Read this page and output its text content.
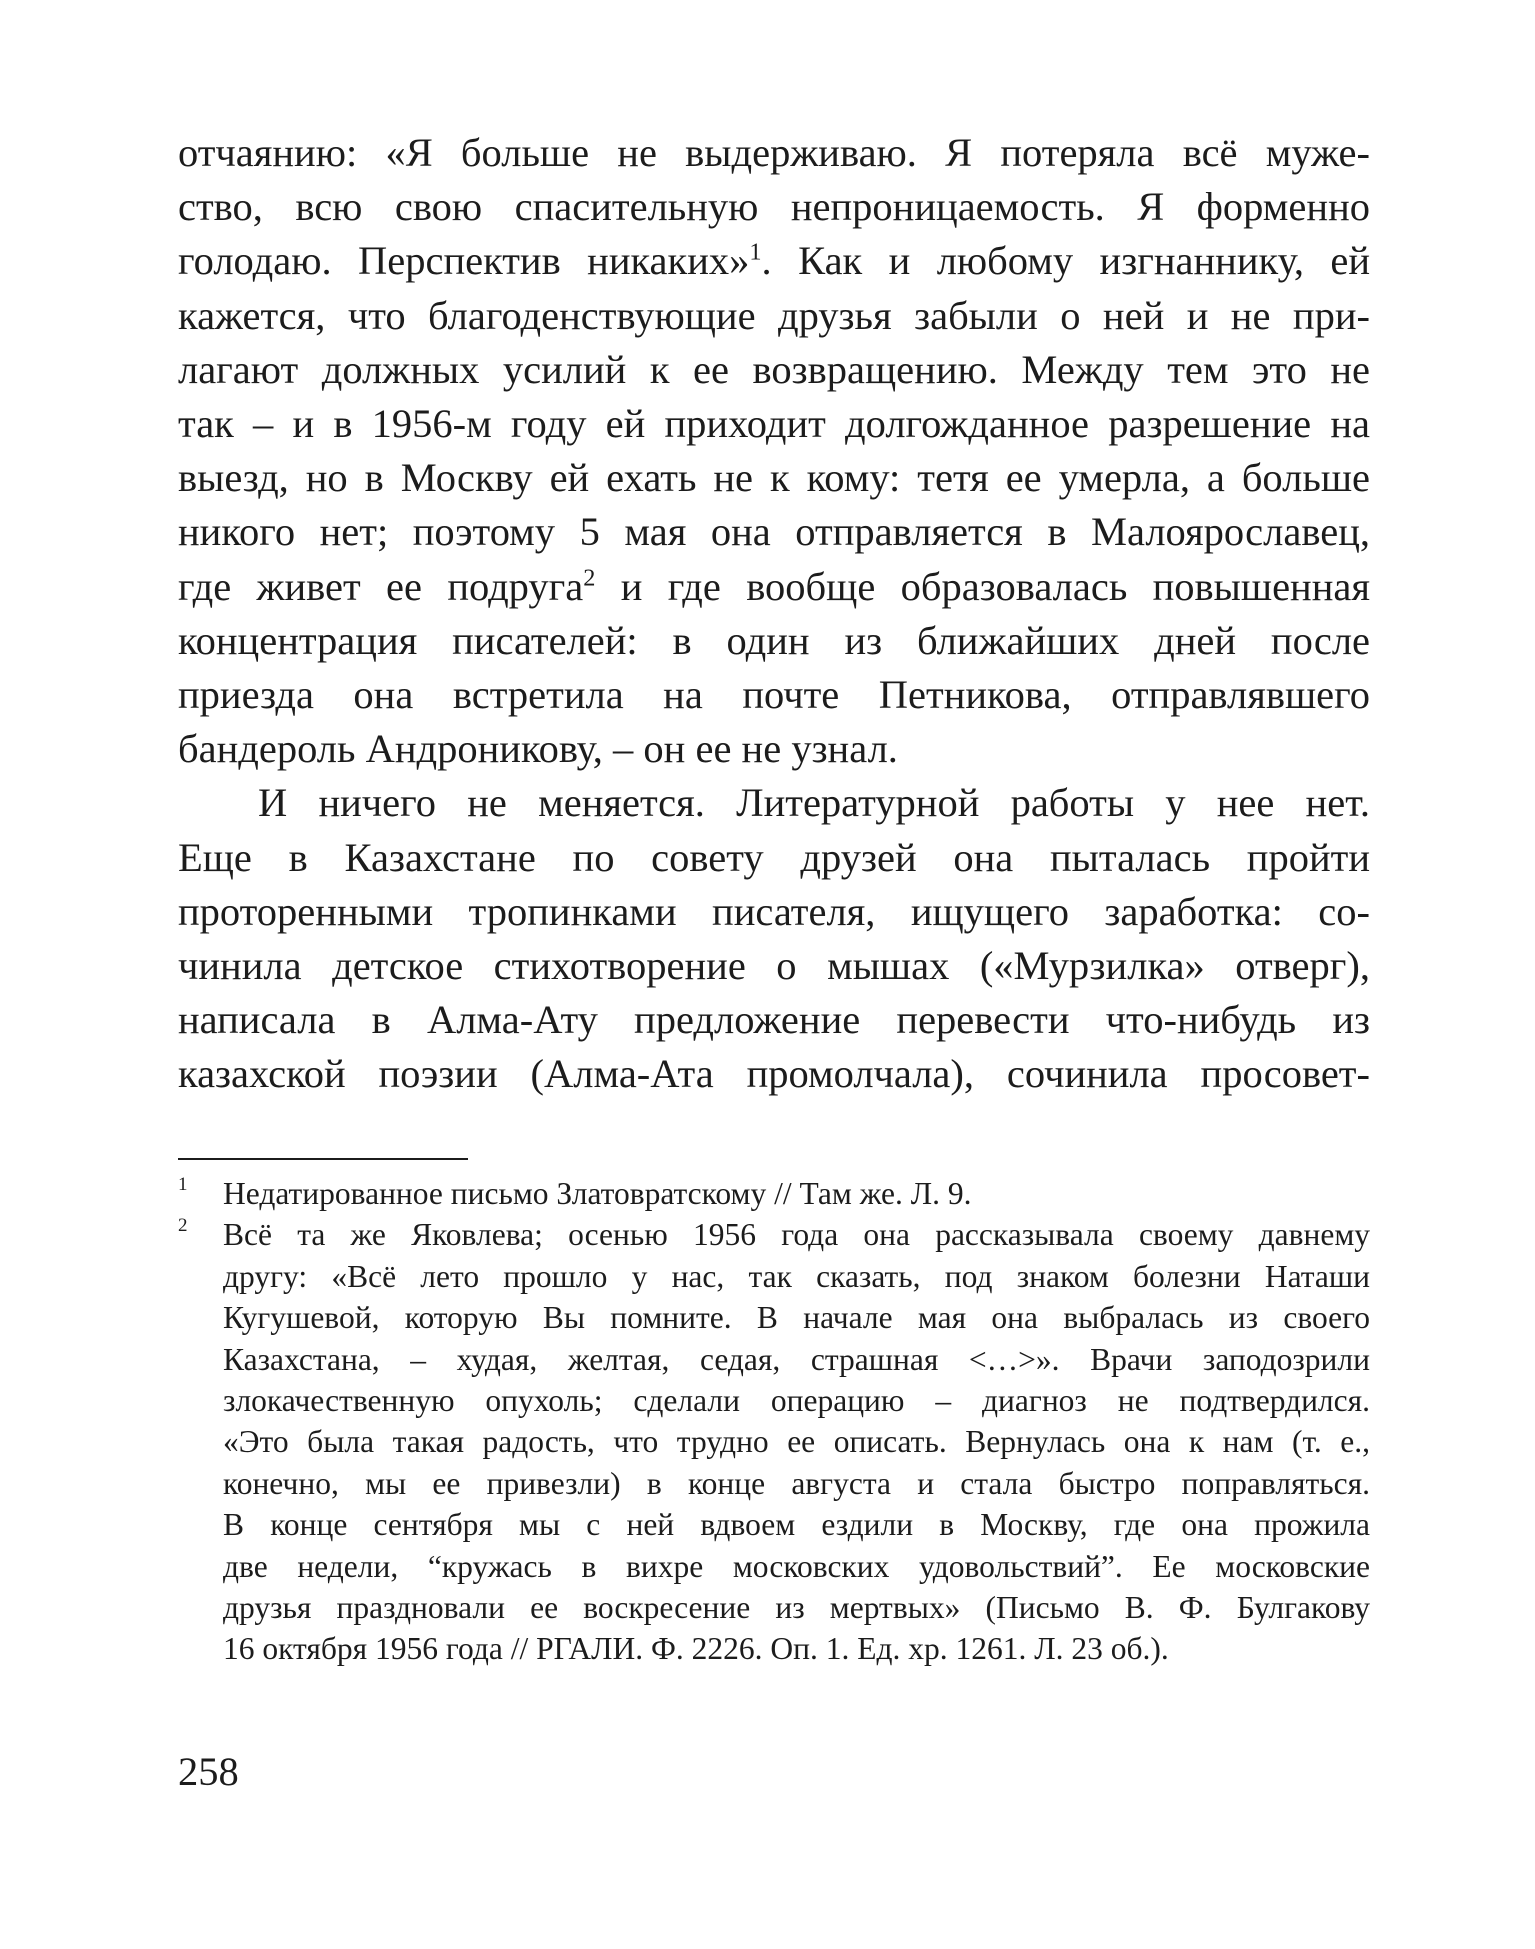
отчаянию: «Я больше не выдерживаю. Я потеряла всё муже-

ство, всю свою спасительную непроницаемость. Я форменно

голодаю. Перспектив никаких»$^1$. Как и любому изгнаннику, ей

кажется, что благоденствующие друзья забыли о ней и не при-

лагают должных усилий к ее возвращению. Между тем это не

так – и в 1956-м году ей приходит долгожданное разрешение на

выезд, но в Москву ей ехать не к кому: тетя ее умерла, а больше

никого нет; поэтому 5 мая она отправляется в Малоярославец,

где живет ее подруга$^2$ и где вообще образовалась повышенная

концентрация писателей: в один из ближайших дней после

приезда она встретила на почте Петникова, отправлявшего

бандероль Андроникову, – он ее не узнал.

И ничего не меняется. Литературной работы у нее нет.

Еще в Казахстане по совету друзей она пыталась пройти

проторенными тропинками писателя, ищущего заработка: со-

чинила детское стихотворение о мышах («Мурзилка» отверг),

написала в Алма-Ату предложение перевести что-нибудь из

казахской поэзии (Алма-Ата промолчала), сочинила просовет-

1 Недатированное письмо Златовратскому // Там же. Л. 9.

2 Всё та же Яковлева; осенью 1956 года она рассказывала своему давнему

другу: «Всё лето прошло у нас, так сказать, под знаком болезни Наташи

Кугушевой, которую Вы помните. В начале мая она выбралась из своего

Казахстана, – худая, желтая, седая, страшная <…>». Врачи заподозрили

злокачественную опухоль; сделали операцию – диагноз не подтвердился.

«Это была такая радость, что трудно ее описать. Вернулась она к нам (т. е.,

конечно, мы ее привезли) в конце августа и стала быстро поправляться.

В конце сентября мы с ней вдвоем ездили в Москву, где она прожила

две недели, “кружась в вихре московских удовольствий”. Ее московские

друзья праздновали ее воскресение из мертвых» (Письмо В. Ф. Булгакову

16 октября 1956 года // РГАЛИ. Ф. 2226. Оп. 1. Ед. хр. 1261. Л. 23 об.).

258
